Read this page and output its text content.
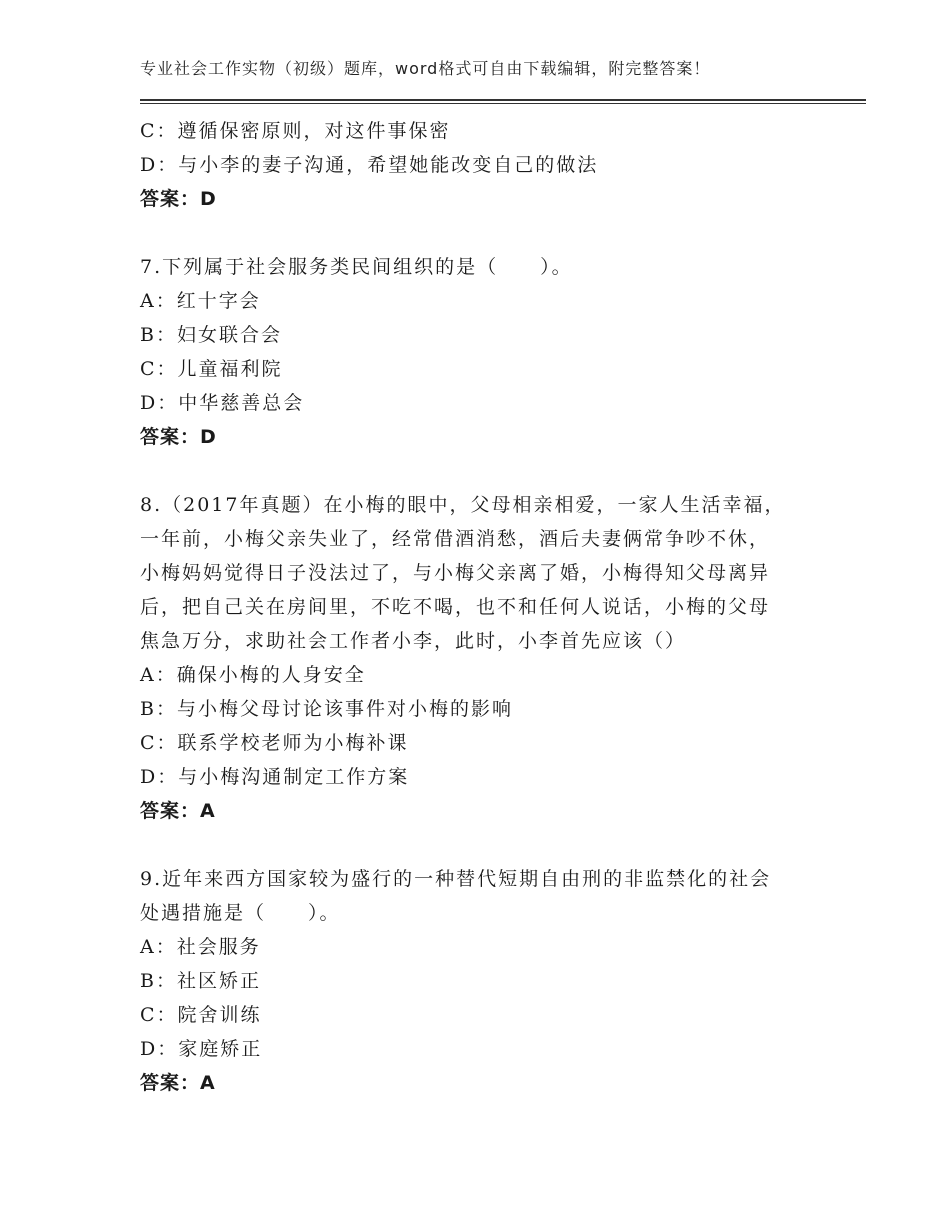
专业社会工作实物（初级）题库，word格式可自由下载编辑，附完整答案！
C：遵循保密原则，对这件事保密
D：与小李的妻子沟通，希望她能改变自己的做法
答案：D
7.下列属于社会服务类民间组织的是（　　）。
A：红十字会
B：妇女联合会
C：儿童福利院
D：中华慈善总会
答案：D
8.（2017年真题）在小梅的眼中，父母相亲相爱，一家人生活幸福，
一年前，小梅父亲失业了，经常借酒消愁，酒后夫妻俩常争吵不休，
小梅妈妈觉得日子没法过了，与小梅父亲离了婚，小梅得知父母离异
后，把自己关在房间里，不吃不喝，也不和任何人说话，小梅的父母
焦急万分，求助社会工作者小李，此时，小李首先应该（）
A：确保小梅的人身安全
B：与小梅父母讨论该事件对小梅的影响
C：联系学校老师为小梅补课
D：与小梅沟通制定工作方案
答案：A
9.近年来西方国家较为盛行的一种替代短期自由刑的非监禁化的社会
处遇措施是（　　）。
A：社会服务
B：社区矫正
C：院舍训练
D：家庭矫正
答案：A
